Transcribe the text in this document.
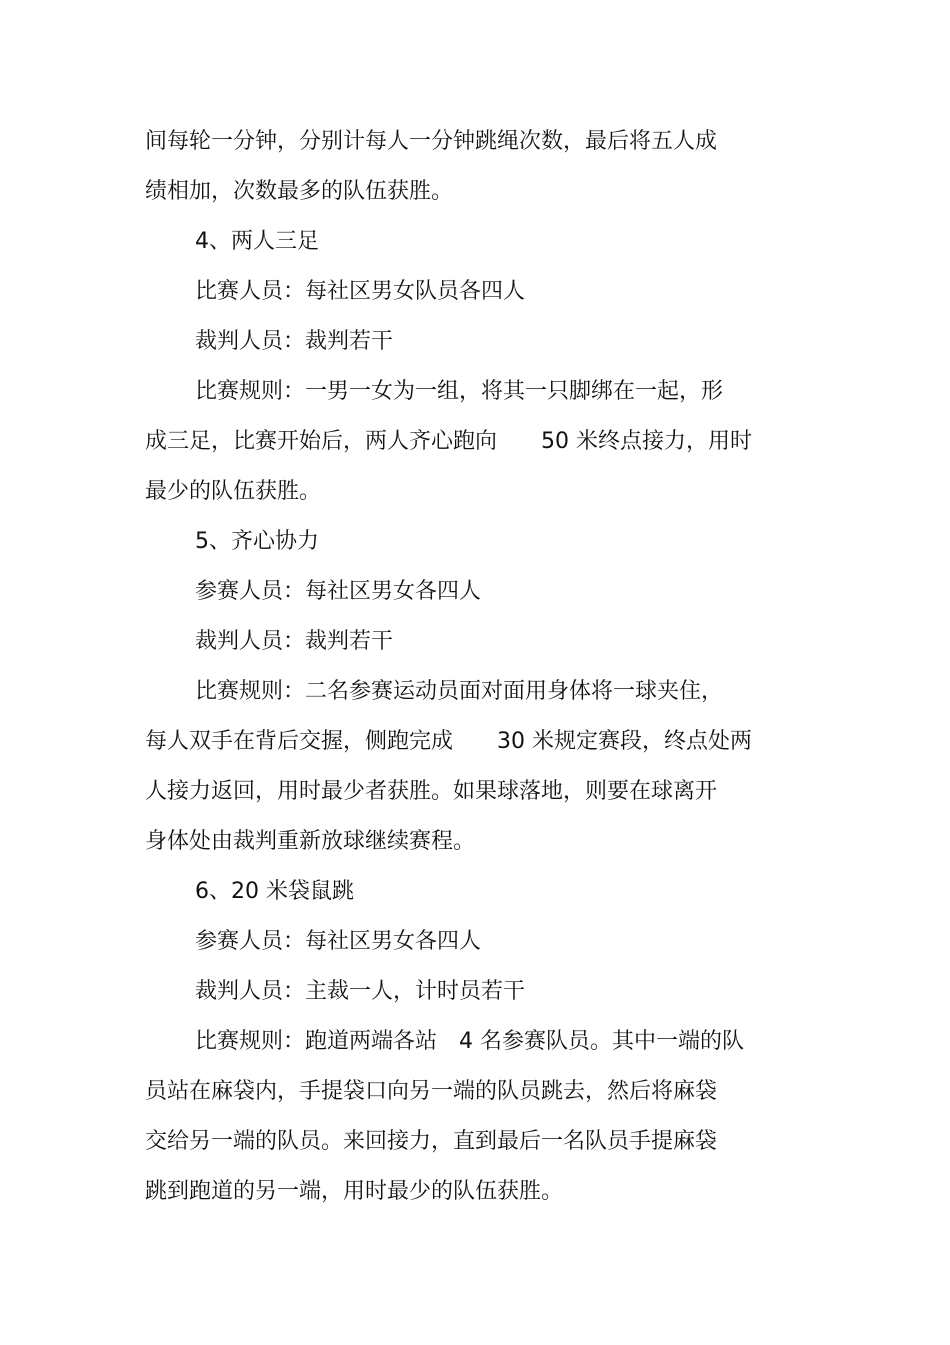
间每轮一分钟，分别计每人一分钟跳绳次数，最后将五人成
绩相加，次数最多的队伍获胜。
4、两人三足
比赛人员：每社区男女队员各四人
裁判人员：裁判若干
比赛规则：一男一女为一组，将其一只脚绑在一起，形
成三足，比赛开始后，两人齐心跑向　　50 米终点接力，用时
最少的队伍获胜。
5、齐心协力
参赛人员：每社区男女各四人
裁判人员：裁判若干
比赛规则：二名参赛运动员面对面用身体将一球夹住，
每人双手在背后交握，侧跑完成　　30 米规定赛段，终点处两
人接力返回，用时最少者获胜。如果球落地，则要在球离开
身体处由裁判重新放球继续赛程。
6、20 米袋鼠跳
参赛人员：每社区男女各四人
裁判人员：主裁一人，计时员若干
比赛规则：跑道两端各站　4 名参赛队员。其中一端的队
员站在麻袋内，手提袋口向另一端的队员跳去，然后将麻袋
交给另一端的队员。来回接力，直到最后一名队员手提麻袋
跳到跑道的另一端，用时最少的队伍获胜。
